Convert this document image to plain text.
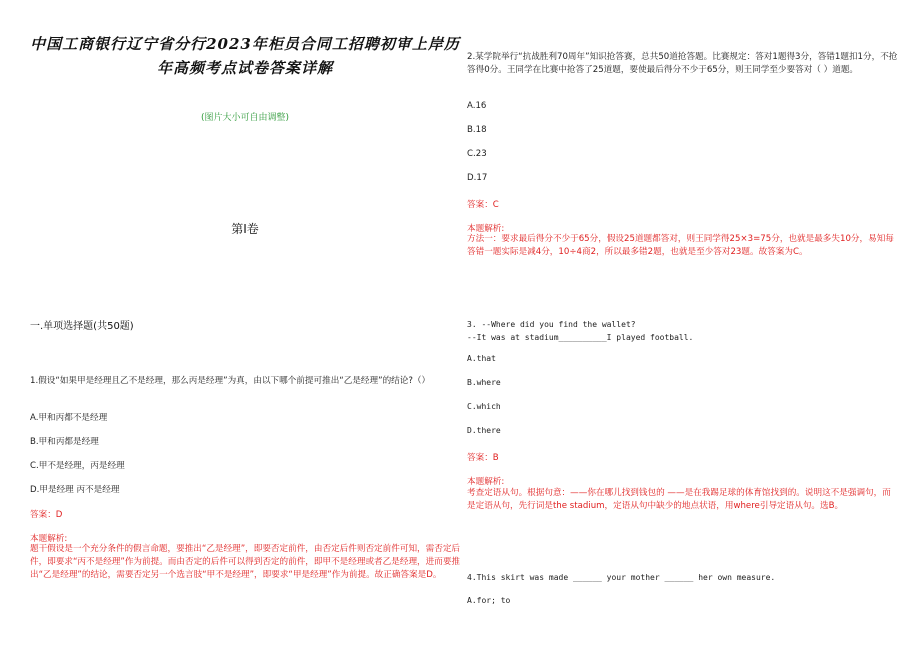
中国工商银行辽宁省分行2023年柜员合同工招聘初审上岸历年高频考点试卷答案详解
(图片大小可自由调整)
第I卷
一.单项选择题(共50题)
1.假设“如果甲是经理且乙不是经理，那么丙是经理”为真，由以下哪个前提可推出“乙是经理”的结论?（）
A.甲和丙都不是经理
B.甲和丙都是经理
C.甲不是经理，丙是经理
D.甲是经理 丙不是经理
答案：D
本题解析:
题干假设是一个充分条件的假言命题，要推出“乙是经理”，即要否定前件，由否定后件则否定前件可知，需否定后件，即要求“丙不是经理”作为前提。而由否定的后件可以得到否定的前件，即甲不是经理或者乙是经理，进而要推出“乙是经理”的结论，需要否定另一个选言肢“甲不是经理”，即要求“甲是经理”作为前提。故正确答案是D。
2.某学院举行“抗战胜利70周年”知识抢答赛，总共50道抢答题。比赛规定：答对1题得3分，答错1题扣1分，不抢答得0分。王同学在比赛中抢答了25道题，要使最后得分不少于65分，则王同学至少要答对（ ）道题。
A.16
B.18
C.23
D.17
答案：C
本题解析:
方法一：要求最后得分不少于65分，假设25道题都答对，则王同学得25×3=75分，也就是最多失10分，易知每答错一题实际是减4分，10÷4商2，所以最多错2题，也就是至少答对23题。故答案为C。
3. --Where did you find the wallet?
--It was at stadium__________I played football.
A.that
B.where
C.which
D.there
答案：B
本题解析:
考查定语从句。根据句意：——你在哪儿找到钱包的 ——是在我踢足球的体育馆找到的。说明这不是强调句，而是定语从句，先行词是the stadium，定语从句中缺少的地点状语，用where引导定语从句。选B。
4.This skirt was made ______ your mother ______ her own measure.
A.for; to
